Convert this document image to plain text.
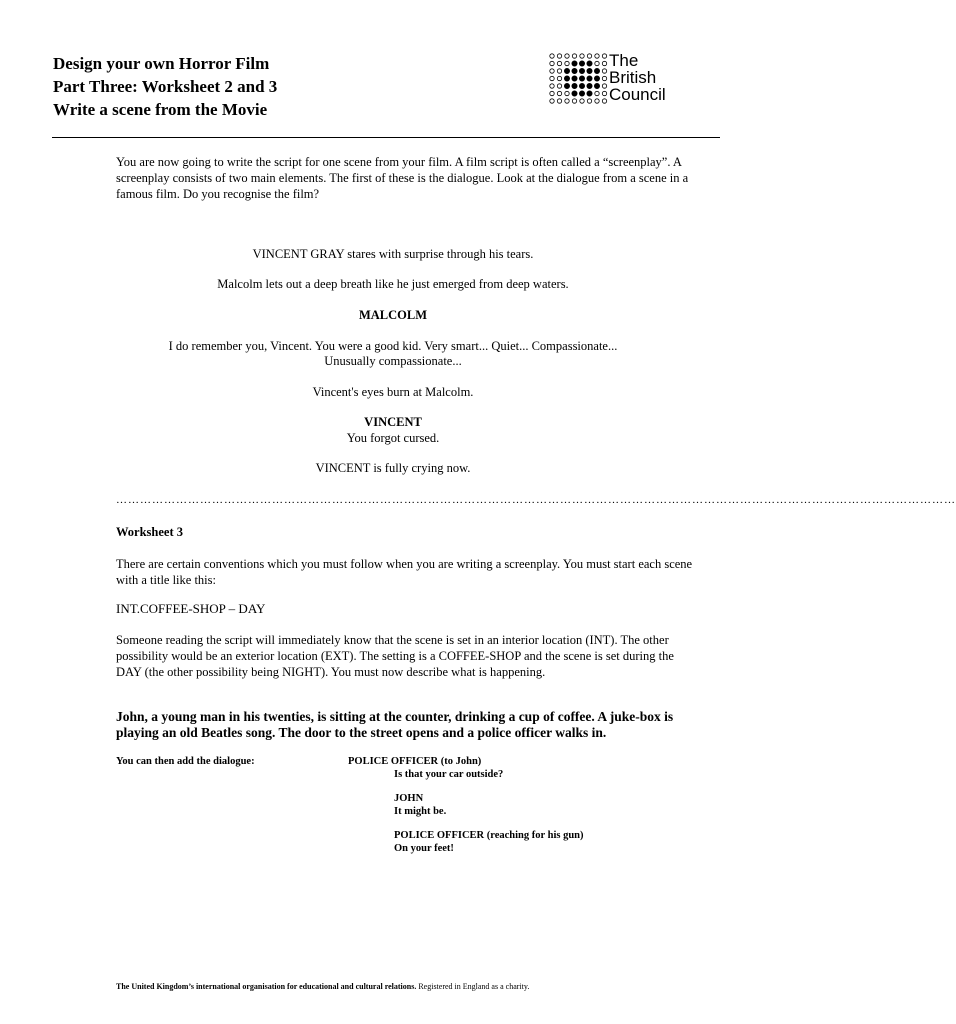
Design your own Horror Film
Part Three: Worksheet 2 and 3
Write a scene from the Movie
The
British
Council
You are now going to write the script for one scene from your film. A film script is often called a “screenplay”. A screenplay consists of two main elements. The first of these is the dialogue. Look at the dialogue from a scene in a famous film. Do you recognise the film?
VINCENT GRAY stares with surprise through his tears.
Malcolm lets out a deep breath like he just emerged from deep waters.
MALCOLM
I do remember you, Vincent. You were a good kid. Very smart... Quiet... Compassionate...
Unusually compassionate...
Vincent's eyes burn at Malcolm.
VINCENT
You forgot cursed.
VINCENT is fully crying now.
…………………………………………………………………………………………………………………………………………………………………………………………
Worksheet 3
There are certain conventions which you must follow when you are writing a screenplay. You must start each scene with a title like this:
INT.COFFEE-SHOP – DAY
Someone reading the script will immediately know that the scene is set in an interior location (INT). The other possibility would be an exterior location (EXT). The setting is a COFFEE-SHOP and the scene is set during the DAY (the other possibility being NIGHT). You must now describe what is happening.
John, a young man in his twenties, is sitting at the counter, drinking a cup of coffee. A juke-box is playing an old Beatles song. The door to the street opens and a police officer walks in.
You can then add the dialogue:	POLICE OFFICER (to John)
Is that your car outside?
JOHN
It might be.
POLICE OFFICER (reaching for his gun)
On your feet!
The United Kingdom’s international organisation for educational and cultural relations. Registered in England as a charity.
